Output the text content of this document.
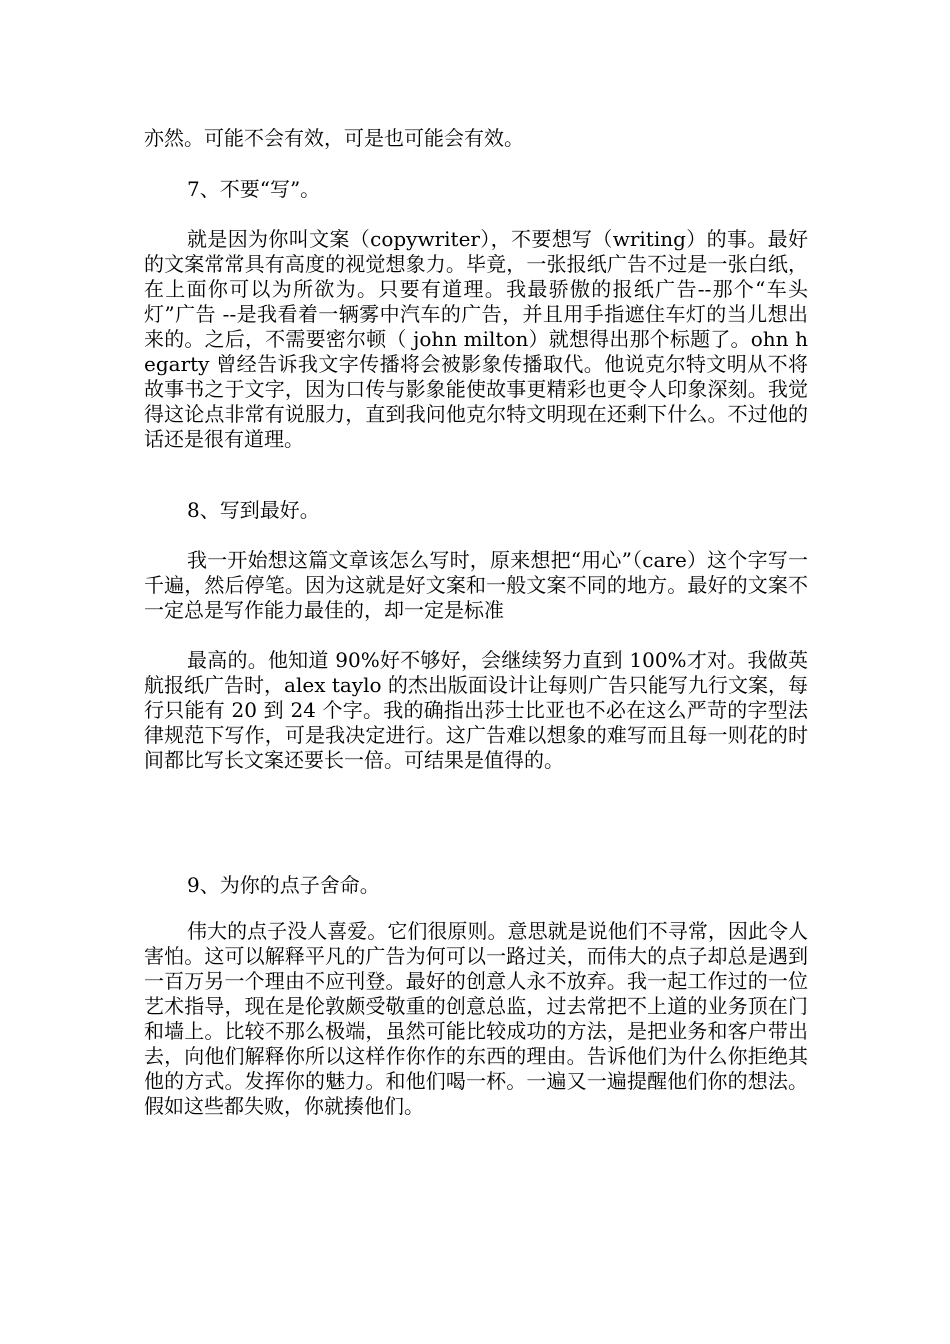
亦然。可能不会有效，可是也可能会有效。
7、不要“写”。
就是因为你叫文案（copywriter），不要想写（writing）的事。最好的文案常常具有高度的视觉想象力。毕竟，一张报纸广告不过是一张白纸，在上面你可以为所欲为。只要有道理。我最骄傲的报纸广告--那个“车头灯”广告 --是我看着一辆雾中汽车的广告，并且用手指遮住车灯的当儿想出来的。之后，不需要密尔顿（ john milton）就想得出那个标题了。ohn hegarty 曾经告诉我文字传播将会被影象传播取代。他说克尔特文明从不将故事书之于文字，因为口传与影象能使故事更精彩也更令人印象深刻。我觉得这论点非常有说服力，直到我问他克尔特文明现在还剩下什么。不过他的话还是很有道理。
8、写到最好。
我一开始想这篇文章该怎么写时，原来想把“用心”（care）这个字写一千遍，然后停笔。因为这就是好文案和一般文案不同的地方。最好的文案不一定总是写作能力最佳的，却一定是标准
最高的。他知道 90%好不够好，会继续努力直到 100%才对。我做英航报纸广告时，alex taylo 的杰出版面设计让每则广告只能写九行文案，每行只能有 20 到 24 个字。我的确指出莎士比亚也不必在这么严苛的字型法律规范下写作，可是我决定进行。这广告难以想象的难写而且每一则花的时间都比写长文案还要长一倍。可结果是值得的。
9、为你的点子舍命。
伟大的点子没人喜爱。它们很原则。意思就是说他们不寻常，因此令人害怕。这可以解释平凡的广告为何可以一路过关，而伟大的点子却总是遇到一百万另一个理由不应刊登。最好的创意人永不放弃。我一起工作过的一位艺术指导，现在是伦敦颇受敬重的创意总监，过去常把不上道的业务顶在门和墙上。比较不那么极端，虽然可能比较成功的方法，是把业务和客户带出去，向他们解释你所以这样作你作的东西的理由。告诉他们为什么你拒绝其他的方式。发挥你的魅力。和他们喝一杯。一遍又一遍提醒他们你的想法。假如这些都失败，你就揍他们。
